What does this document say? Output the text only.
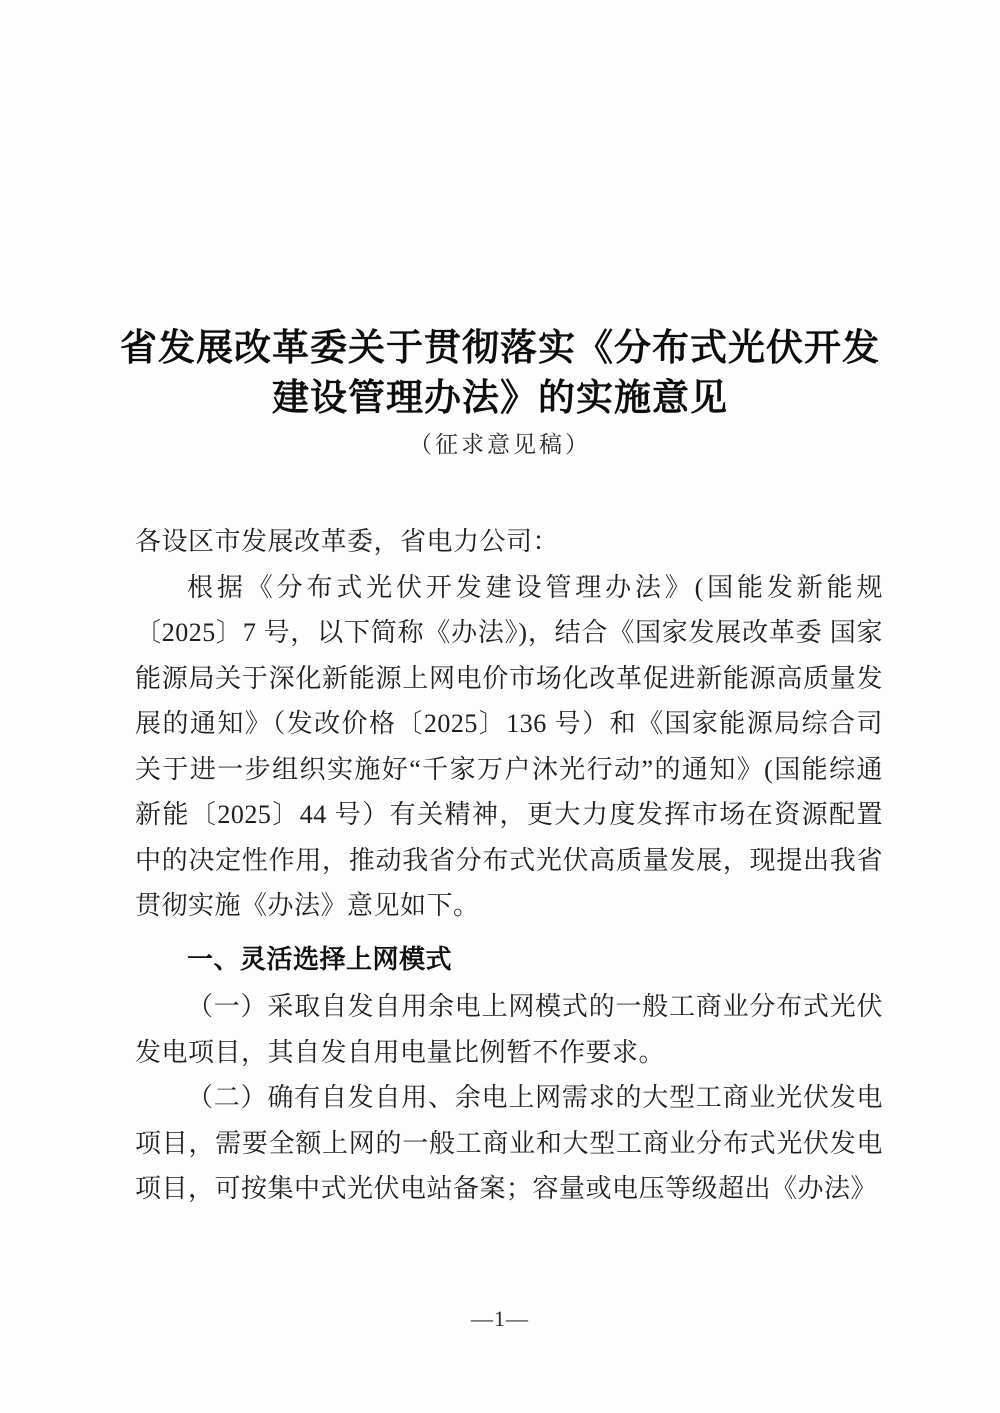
省发展改革委关于贯彻落实《分布式光伏开发
建设管理办法》的实施意见
（征求意见稿）

各设区市发展改革委，省电力公司：

根据《分布式光伏开发建设管理办法》(国能发新能规〔2025〕7 号，以下简称《办法》)，结合《国家发展改革委 国家能源局关于深化新能源上网电价市场化改革促进新能源高质量发展的通知》（发改价格〔2025〕136 号）和《国家能源局综合司关于进一步组织实施好“千家万户沐光行动”的通知》(国能综通新能〔2025〕44 号）有关精神，更大力度发挥市场在资源配置中的决定性作用，推动我省分布式光伏高质量发展，现提出我省贯彻实施《办法》意见如下。

一、灵活选择上网模式

（一）采取自发自用余电上网模式的一般工商业分布式光伏发电项目，其自发自用电量比例暂不作要求。

（二）确有自发自用、余电上网需求的大型工商业光伏发电项目，需要全额上网的一般工商业和大型工商业分布式光伏发电项目，可按集中式光伏电站备案；容量或电压等级超出《办法》

—1—
